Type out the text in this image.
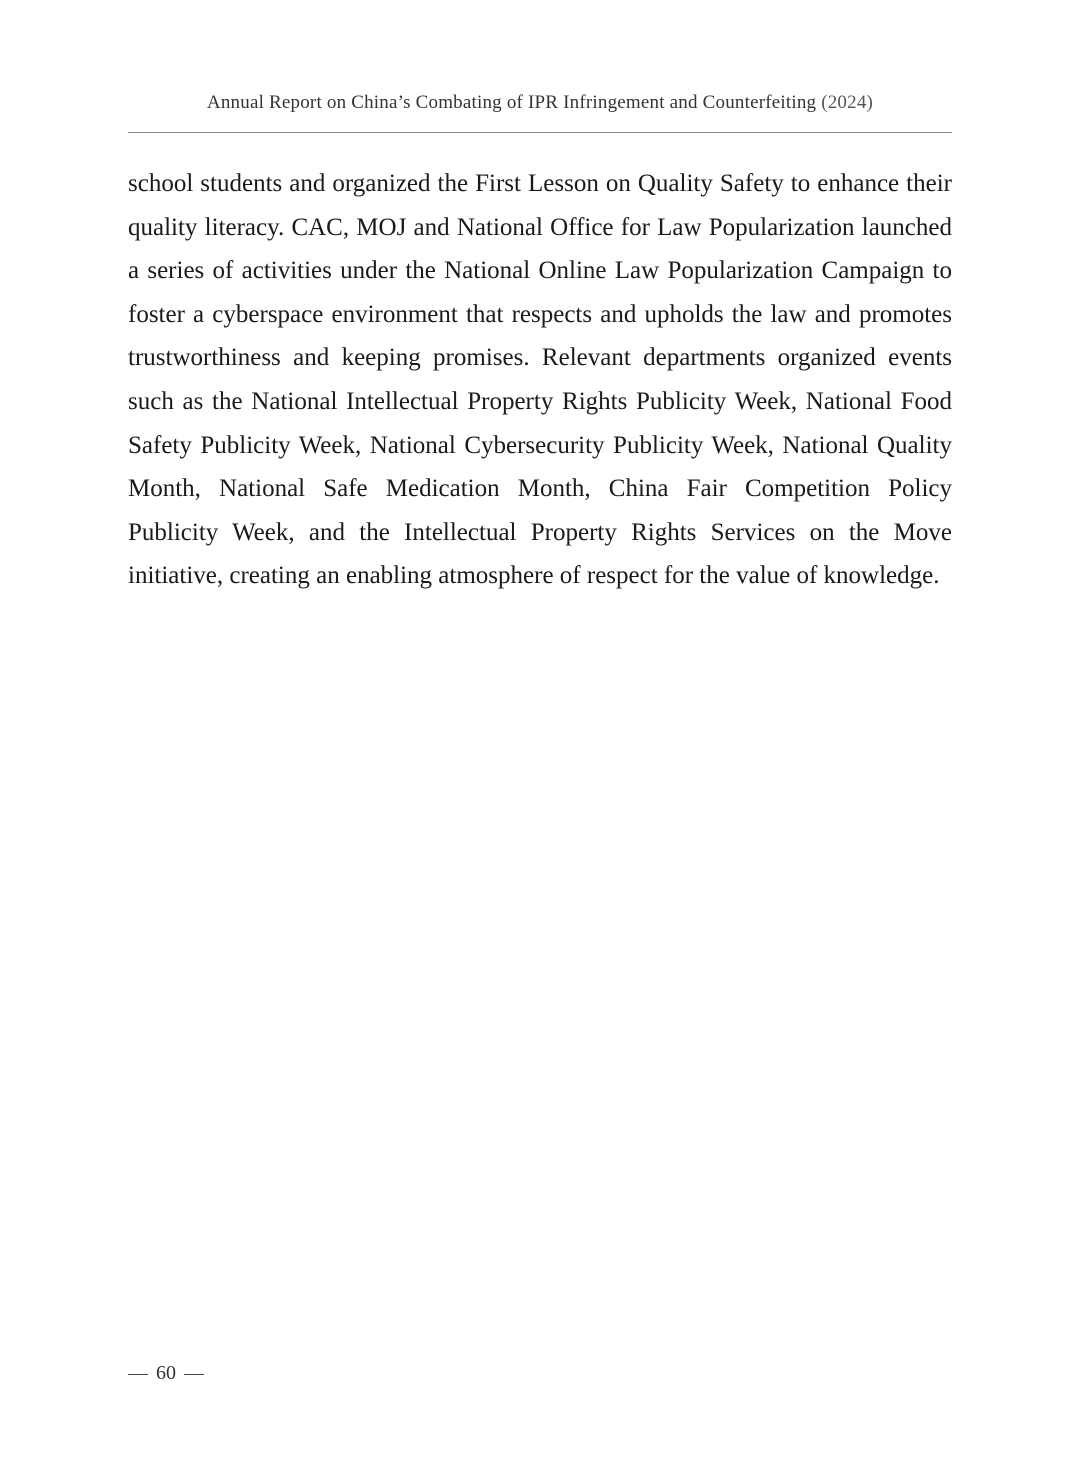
Annual Report on China’s Combating of IPR Infringement and Counterfeiting (2024)

school students and organized the First Lesson on Quality Safety to enhance their quality literacy. CAC, MOJ and National Office for Law Popularization launched a series of activities under the National Online Law Popularization Campaign to foster a cyberspace environment that respects and upholds the law and promotes trustworthiness and keeping promises. Relevant departments organized events such as the National Intellectual Property Rights Publicity Week, National Food Safety Publicity Week, National Cybersecurity Publicity Week, National Quality Month, National Safe Medication Month, China Fair Competition Policy Publicity Week, and the Intellectual Property Rights Services on the Move initiative, creating an enabling atmosphere of respect for the value of knowledge.

60
